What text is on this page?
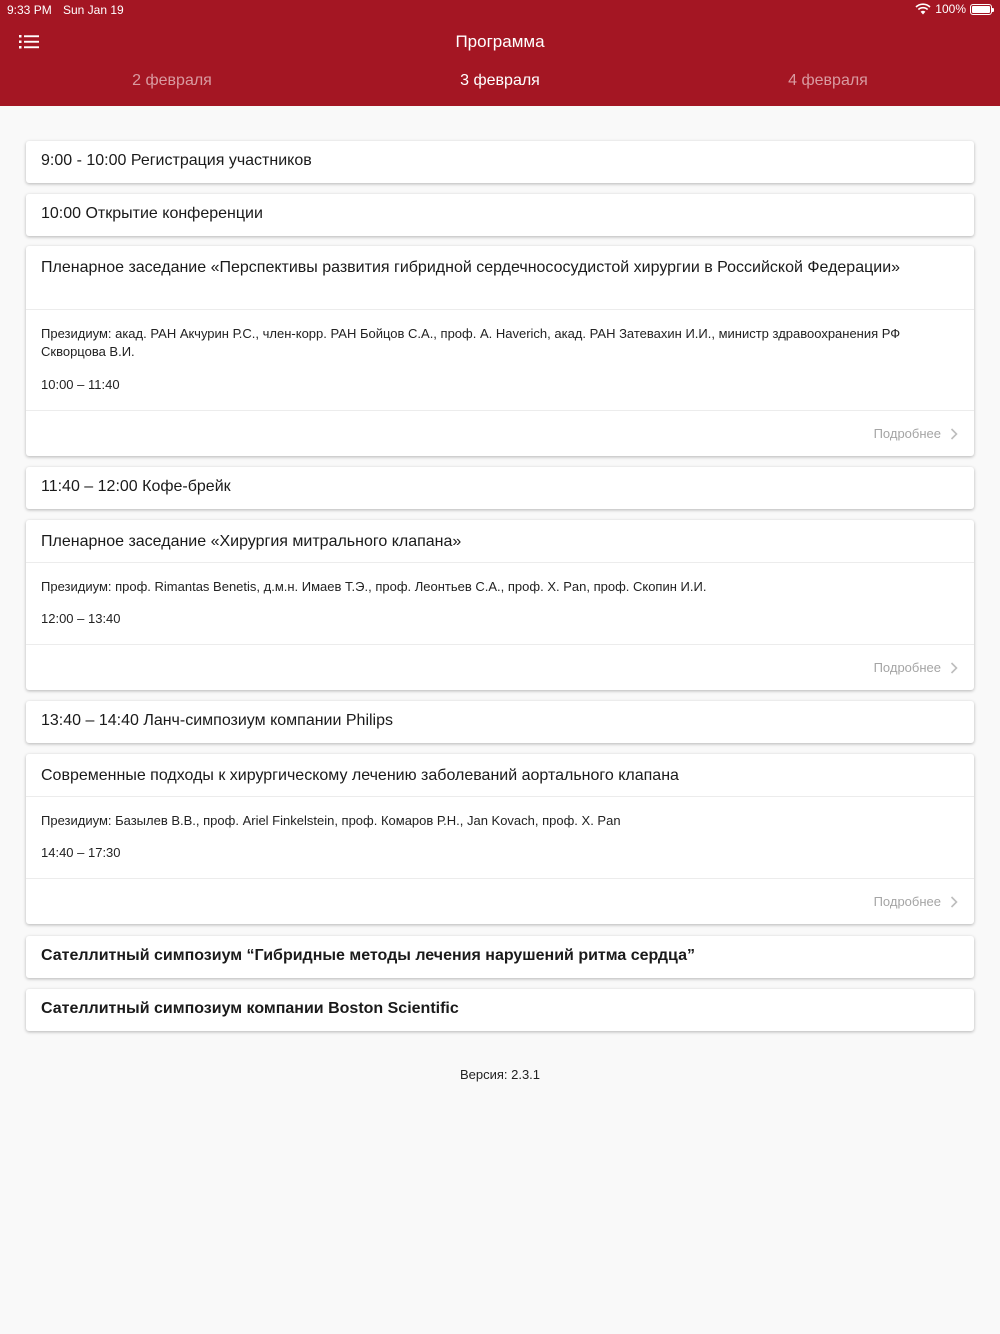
9:33 PM Sun Jan 19	100%
Программа
2 февраля	3 февраля	4 февраля
9:00 - 10:00 Регистрация участников
10:00 Открытие конференции
Пленарное заседание «Перспективы развития гибридной сердечнососудистой хирургии в Российской Федерации»
Президиум: акад. РАН Акчурин Р.С., член-корр. РАН Бойцов С.А., проф. A. Haverich, акад. РАН Затевахин И.И., министр здравоохранения РФ Скворцова В.И.
10:00 – 11:40
Подробнее
11:40 – 12:00 Кофе-брейк
Пленарное заседание «Хирургия митрального клапана»
Президиум: проф. Rimantas Benetis, д.м.н. Имаев Т.Э., проф. Леонтьев С.А., проф. X. Pan, проф. Скопин И.И.
12:00 – 13:40
Подробнее
13:40 – 14:40 Ланч-симпозиум компании Philips
Современные подходы к хирургическому лечению заболеваний аортального клапана
Президиум: Базылев В.В., проф. Ariel Finkelstein, проф. Комаров Р.Н., Jan Kovach, проф. X. Pan
14:40 – 17:30
Подробнее
Сателлитный симпозиум “Гибридные методы лечения нарушений ритма сердца”
Сателлитный симпозиум компании Boston Scientific
Версия: 2.3.1
